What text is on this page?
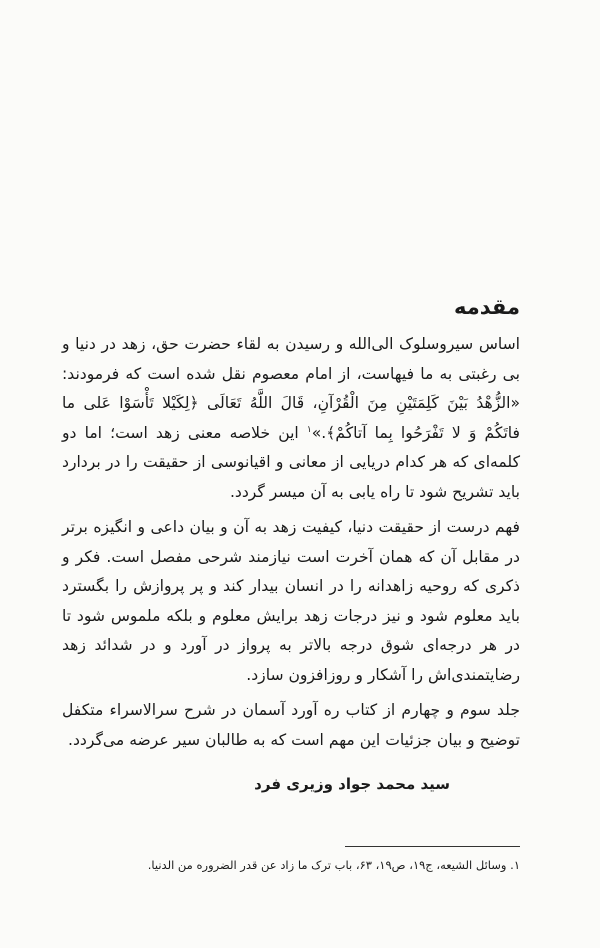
مقدمه

اساس سیروسلوک الی‌الله و رسیدن به لقاء حضرت حق، زهد در دنیا و بی رغبتی به ما فیهاست، از امام معصوم نقل شده است که فرمودند: «الزُّهْدُ بَيْنَ كَلِمَتَيْنِ مِنَ الْقُرْآنِ، قَالَ اللَّهُ تَعَالَى ﴿لِكَيْلا تَأْسَوْا عَلى ما فاتَكُمْ وَ لا تَفْرَحُوا بِما آتاكُمْ﴾.»$^۱$ این خلاصه معنی زهد است؛ اما دو کلمه‌ای که هر کدام دریایی از معانی و اقیانوسی از حقیقت را در بردارد باید تشریح شود تا راه یابی به آن میسر گردد.

فهم درست از حقیقت دنیا، کیفیت زهد به آن و بیان داعی و انگیزه برتر در مقابل آن که همان آخرت است نیازمند شرحی مفصل است. فکر و ذکری که روحیه زاهدانه را در انسان بیدار کند و پر پروازش را بگسترد باید معلوم شود و نیز درجات زهد برایش معلوم و بلکه ملموس شود تا در هر درجه‌ای شوق درجه بالاتر به پرواز در آورد و در شدائد زهد رضایتمندی‌اش را آشکار و روزافزون سازد.

جلد سوم و چهارم از کتاب ره آورد آسمان در شرح سرالاسراء متکفل توضیح و بیان جزئیات این مهم است که به طالبان سیر عرضه می‌گردد.

سید محمد جواد وزیری فرد
۱. وسائل الشیعه، ج۱۹، ص۱۹، ۶۳، باب ترک ما زاد عن قدر الضروره من الدنیا.
